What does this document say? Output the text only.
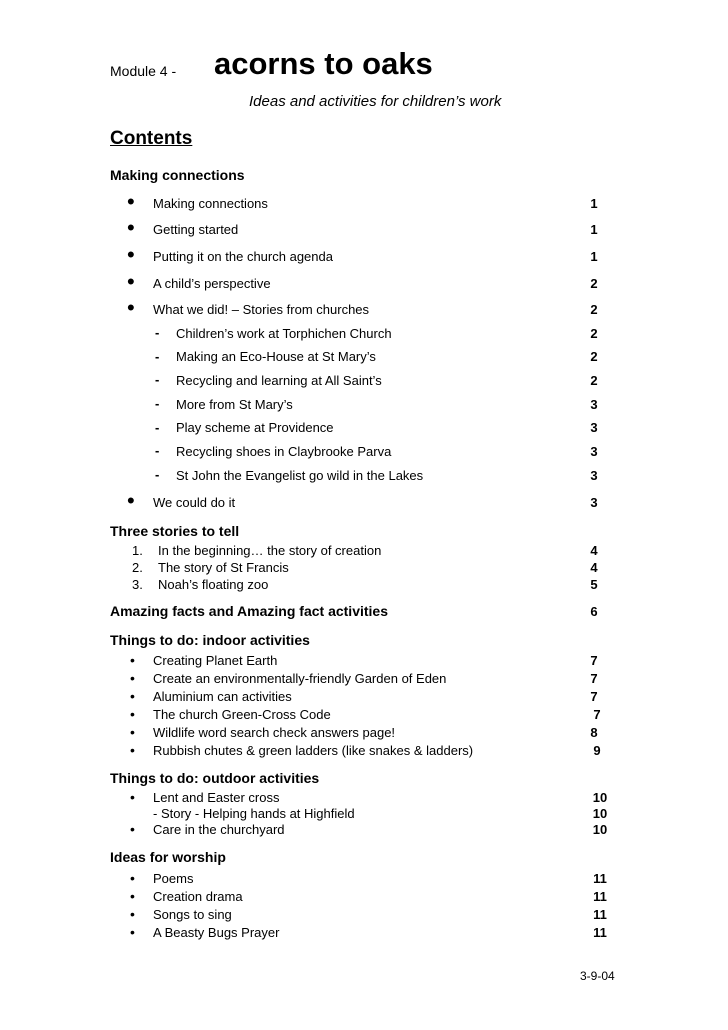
Module 4 - acorns to oaks
Ideas and activities for children’s work
Contents
Making connections
• Making connections	1
• Getting started	1
• Putting it on the church agenda	1
• A child’s perspective	2
• What we did! – Stories from churches	2
- Children’s work at Torphichen Church	2
- Making an Eco-House at St Mary’s	2
- Recycling and learning at All Saint’s	2
- More from St Mary’s	3
- Play scheme at Providence	3
- Recycling shoes in Claybrooke Parva	3
- St John the Evangelist go wild in the Lakes	3
• We could do it	3
Three stories to tell
1. In the beginning… the story of creation	4
2. The story of St Francis	4
3. Noah’s floating zoo	5
Amazing facts and Amazing fact activities	6
Things to do: indoor activities
• Creating Planet Earth	7
• Create an environmentally-friendly Garden of Eden	7
• Aluminium can activities	7
• The church Green-Cross Code	7
• Wildlife word search check answers page!	8
• Rubbish chutes & green ladders (like snakes & ladders)	9
Things to do: outdoor activities
• Lent and Easter cross	10
- Story - Helping hands at Highfield	10
• Care in the churchyard	10
Ideas for worship
• Poems	11
• Creation drama	11
• Songs to sing	11
• A Beasty Bugs Prayer	11
3-9-04
